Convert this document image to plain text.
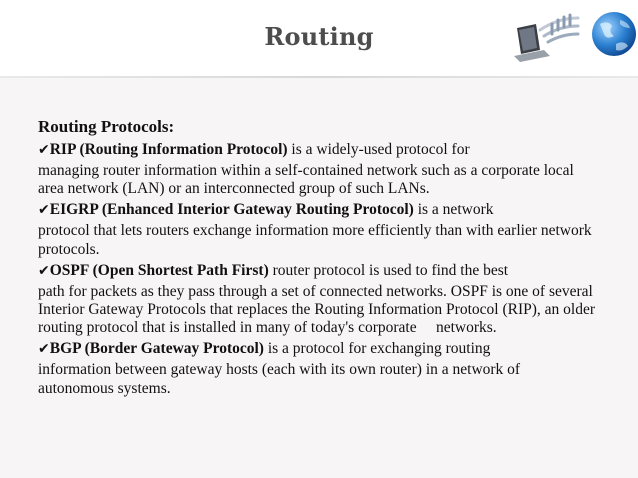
Routing
Routing Protocols:
✔RIP (Routing Information Protocol) is a widely-used protocol for
managing router information within a self-contained network such as a corporate local area network (LAN) or an interconnected group of such LANs.
✔EIGRP (Enhanced Interior Gateway Routing Protocol) is a network
protocol that lets routers exchange information more efficiently than with earlier network protocols.
✔OSPF (Open Shortest Path First) router protocol is used to find the best
path for packets as they pass through a set of connected networks. OSPF is one of several Interior Gateway Protocols that replaces the Routing Information Protocol (RIP), an older routing protocol that is installed in many of today's corporate  networks.
✔BGP (Border Gateway Protocol) is a protocol for exchanging routing
information between gateway hosts (each with its own router) in a network of autonomous systems.
